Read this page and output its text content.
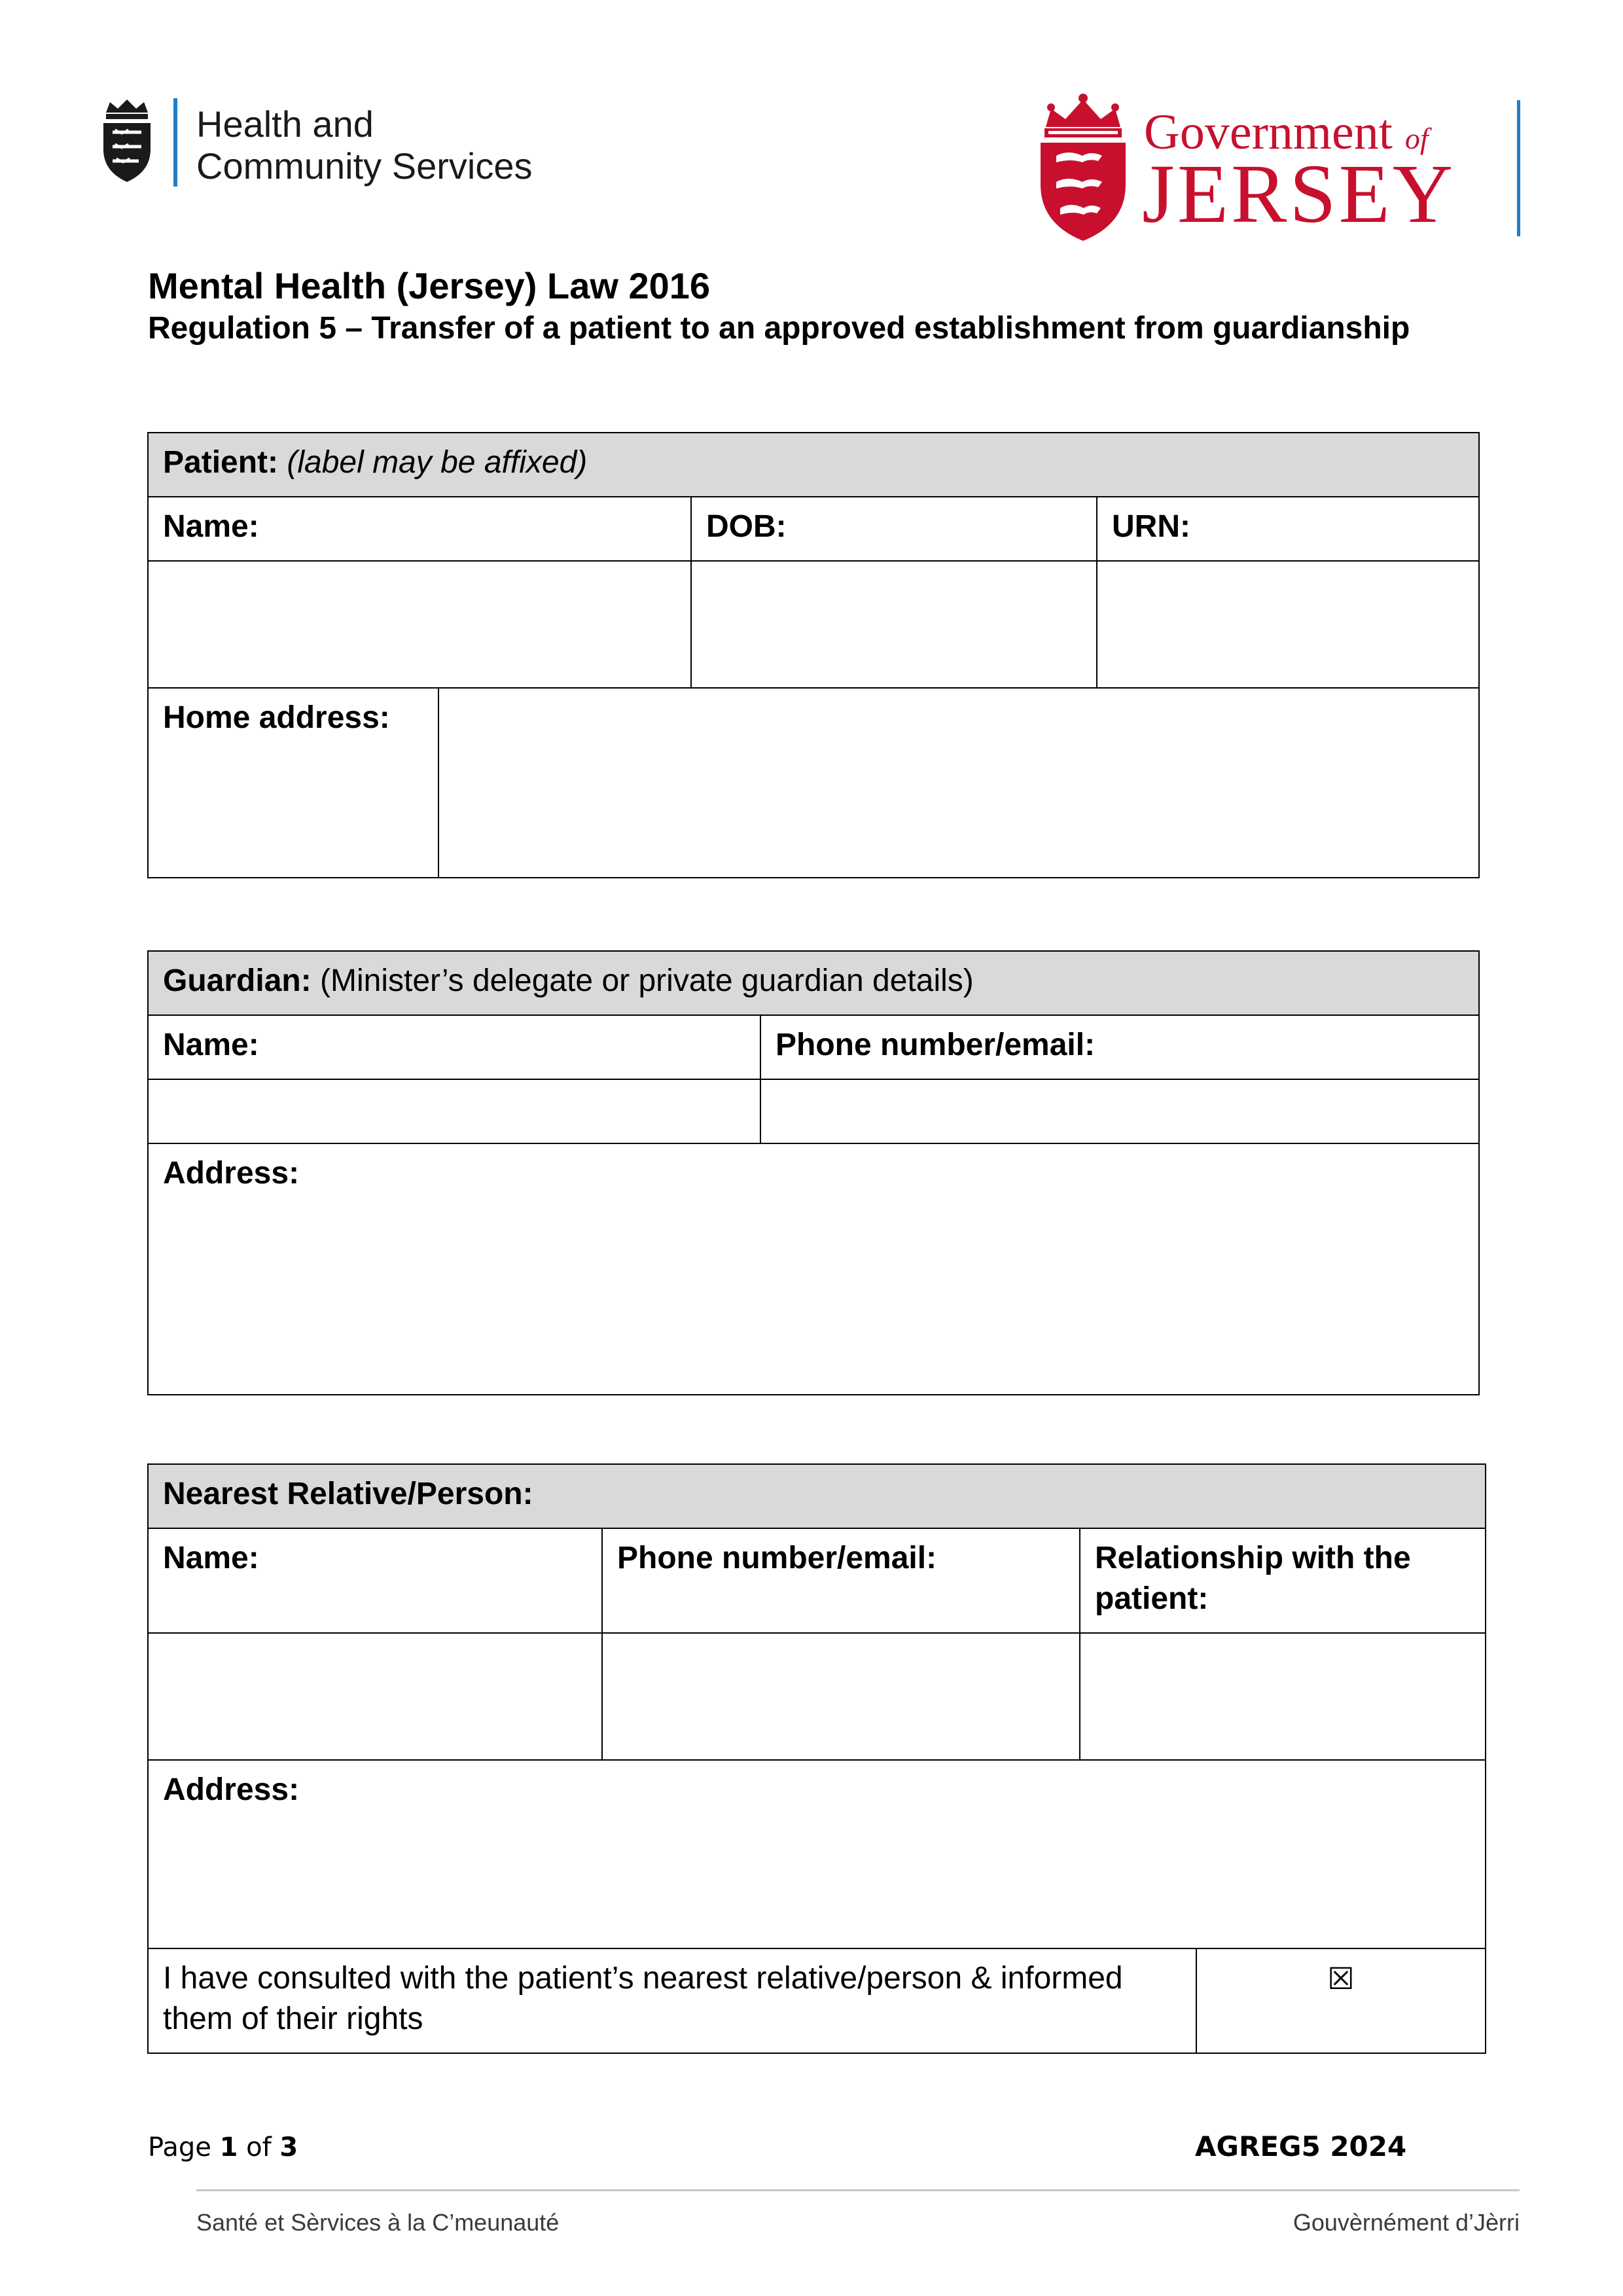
Health and
Community Services
Government of
JERSEY
Mental Health (Jersey) Law 2016
Regulation 5 – Transfer of a patient to an approved establishment from guardianship
Patient: (label may be affixed)			
Name:		DOB:	URN:

Home address:			
Guardian: (Minister’s delegate or private guardian details)	
Name:	Phone number/email:

Address:	
Nearest Relative/Person:			
Name:	Phone number/email:	Relationship with the patient:	

Address:			
I have consulted with the patient’s nearest relative/person & informed them of their rights			☒
Page 1 of 3	AGREG5 2024
Santé et Sèrvices à la C’meunauté	Gouvèrnément d’Jèrri
